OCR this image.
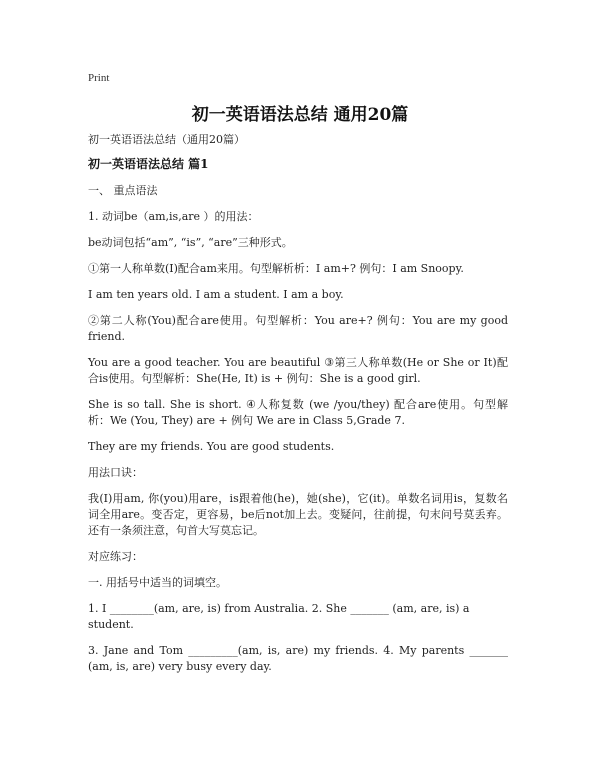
Print
初一英语语法总结 通用20篇
初一英语语法总结（通用20篇）
初一英语语法总结 篇1
一、 重点语法
1. 动词be（am,is,are ）的用法：
be动词包括“am”, “is”, “are”三种形式。
①第一人称单数(I)配合am来用。句型解析析：I am+? 例句：I am Snoopy.
I am ten years old. I am a student. I am a boy.
②第二人称(You)配合are使用。句型解析：You are+? 例句：You are my good friend.
You are a good teacher. You are beautiful ③第三人称单数(He or She or It)配合is使用。句型解析：She(He, It) is + 例句：She is a good girl.
She is so tall. She is short. ④人称复数 (we /you/they) 配合are使用。句型解析：We (You, They) are + 例句 We are in Class 5,Grade 7.
They are my friends. You are good students.
用法口诀：
我(I)用am, 你(you)用are，is跟着他(he)，她(she)，它(it)。单数名词用is，复数名词全用are。变否定，更容易，be后not加上去。变疑问，往前提，句末问号莫丢弃。还有一条须注意，句首大写莫忘记。
对应练习：
一. 用括号中适当的词填空。
1. I ________(am, are, is) from Australia. 2. She _______ (am, are, is) a student.
3. Jane and Tom _________(am, is, are) my friends. 4. My parents _______ (am, is, are) very busy every day.
